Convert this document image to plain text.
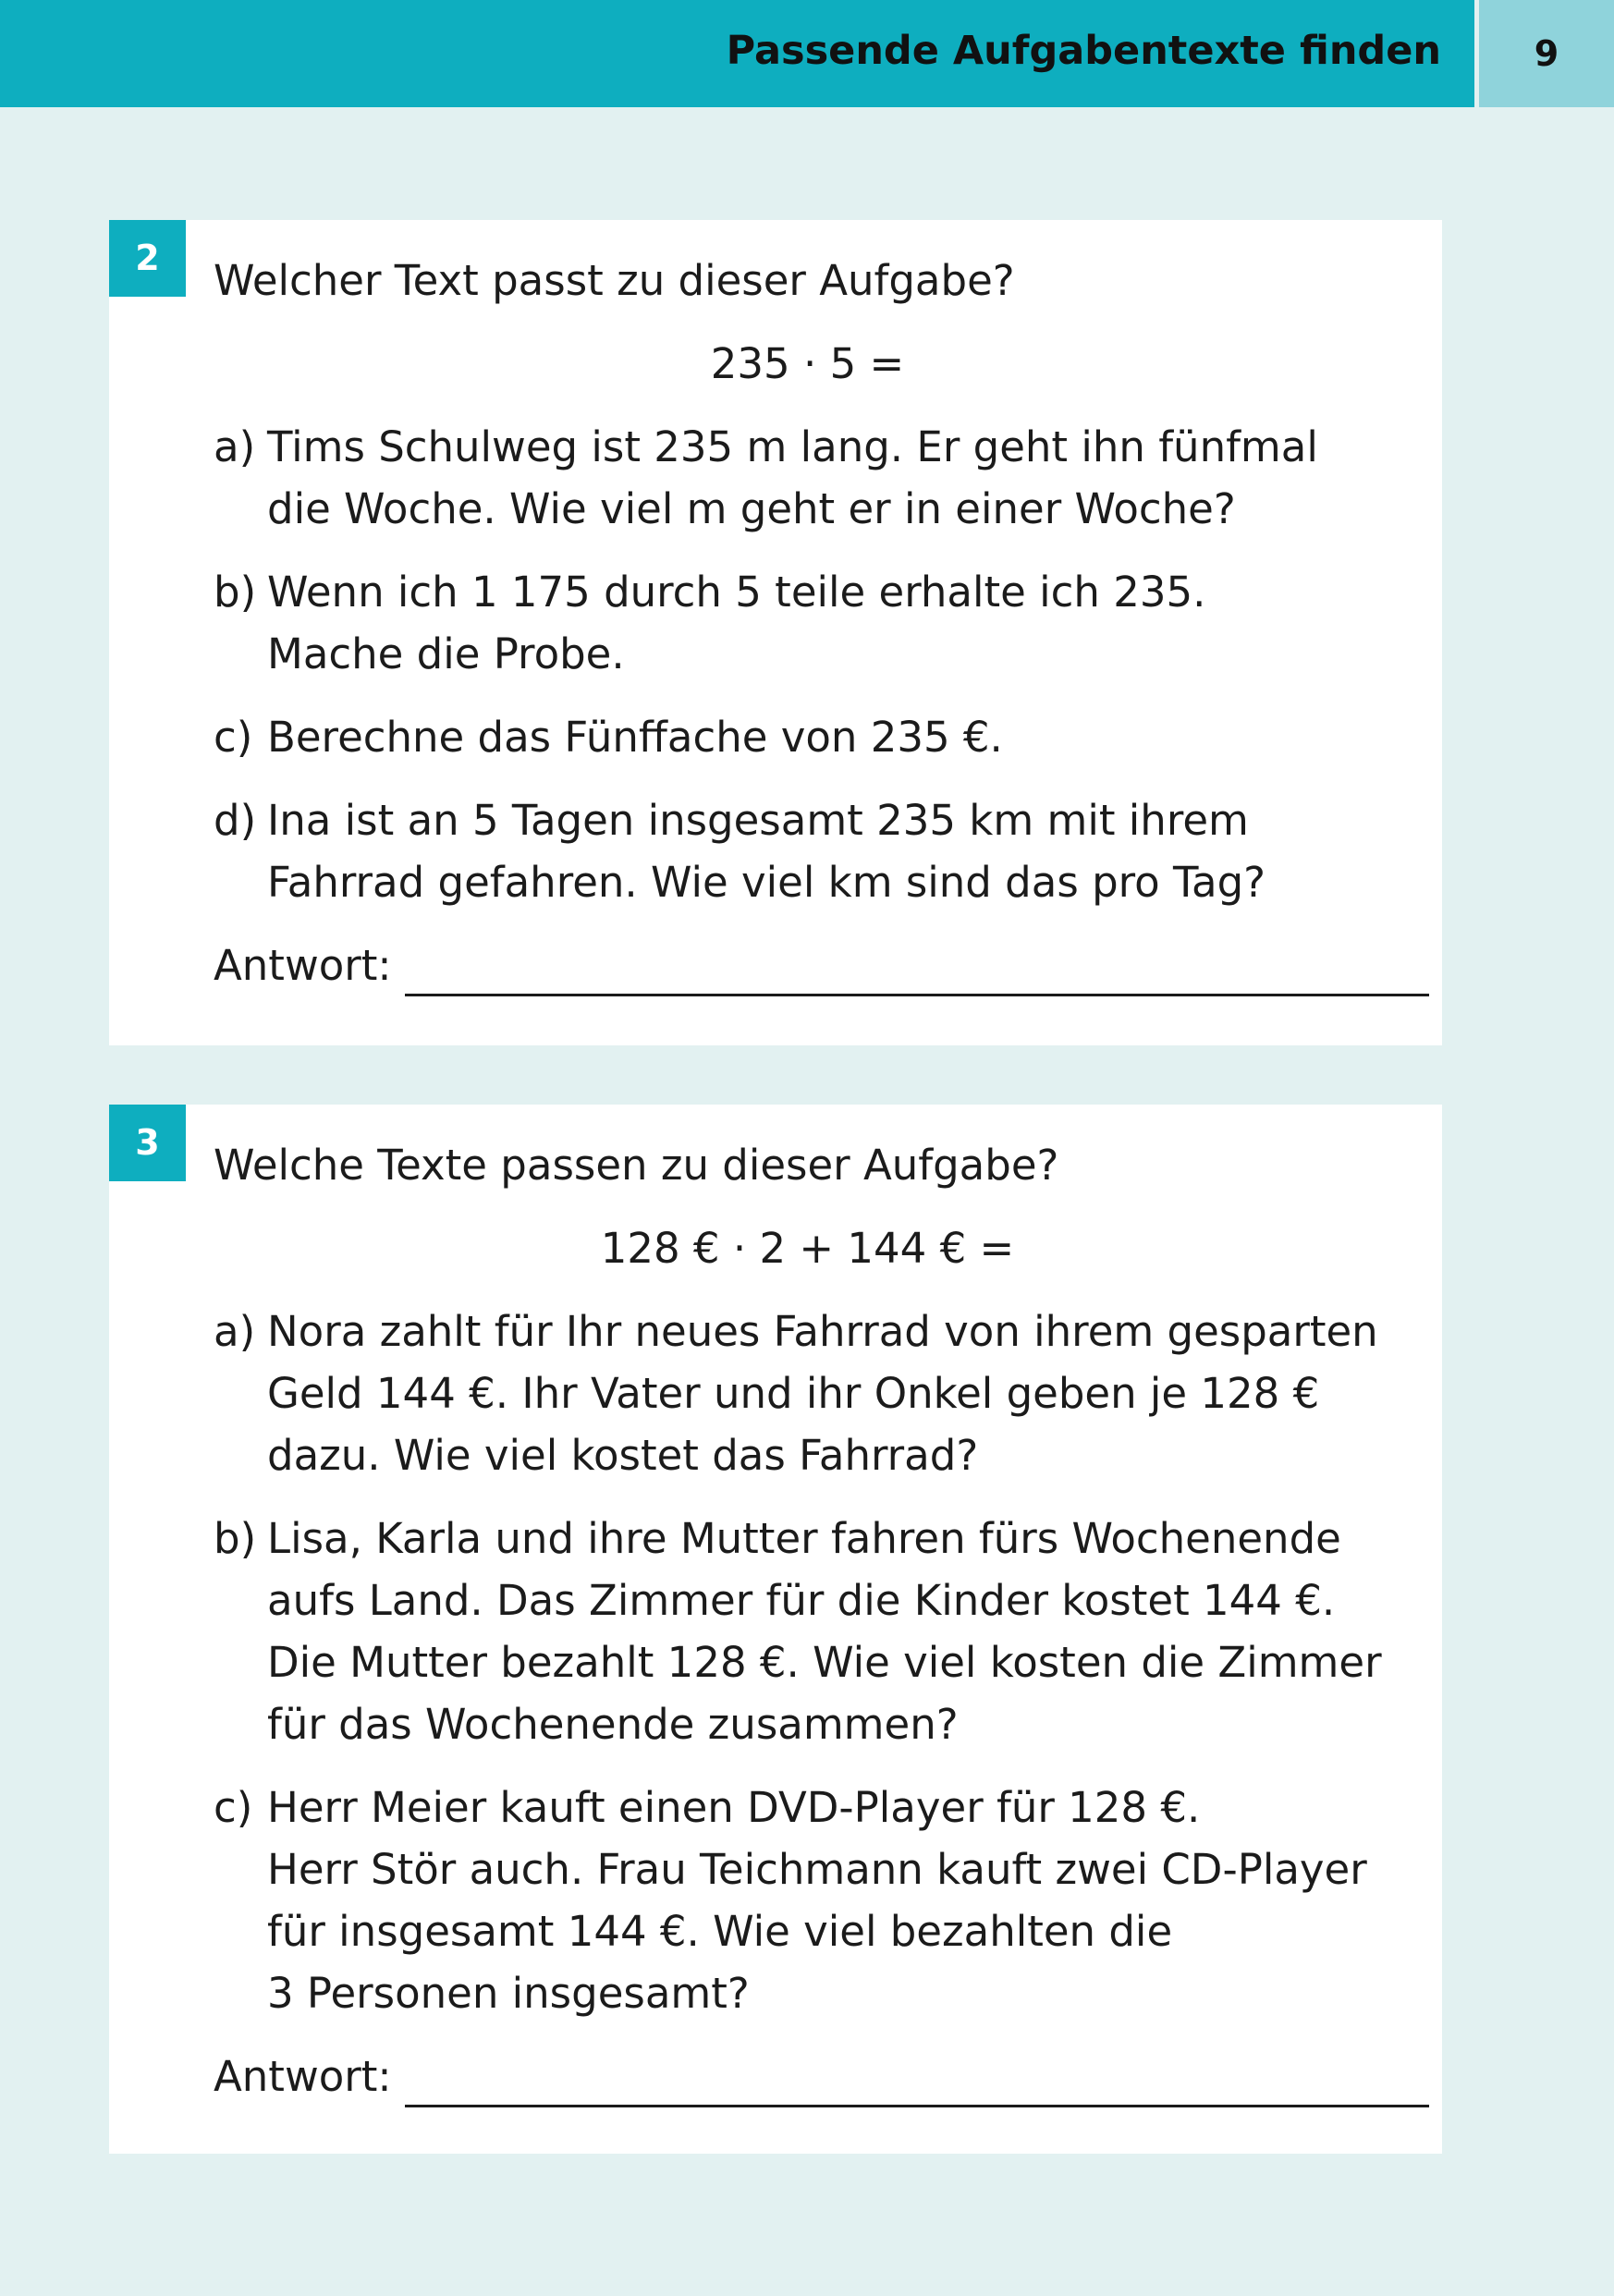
Passende Aufgabentexte finden	9
2	Welcher Text passt zu dieser Aufgabe?

235 · 5 =
a) Tims Schulweg ist 235 m lang. Er geht ihn fünfmal
die Woche. Wie viel m geht er in einer Woche?
b) Wenn ich 1 175 durch 5 teile erhalte ich 235.
Mache die Probe.
c) Berechne das Fünffache von 235 €.
d) Ina ist an 5 Tagen insgesamt 235 km mit ihrem
Fahrrad gefahren. Wie viel km sind das pro Tag?
Antwort:
3	Welche Texte passen zu dieser Aufgabe?

128 € · 2 + 144 € =
a) Nora zahlt für Ihr neues Fahrrad von ihrem gesparten
Geld 144 €. Ihr Vater und ihr Onkel geben je 128 €
dazu. Wie viel kostet das Fahrrad?
b) Lisa, Karla und ihre Mutter fahren fürs Wochenende
aufs Land. Das Zimmer für die Kinder kostet 144 €.
Die Mutter bezahlt 128 €. Wie viel kosten die Zimmer
für das Wochenende zusammen?
c) Herr Meier kauft einen DVD-Player für 128 €.
Herr Stör auch. Frau Teichmann kauft zwei CD-Player
für insgesamt 144 €. Wie viel bezahlten die
3 Personen insgesamt?
Antwort:
